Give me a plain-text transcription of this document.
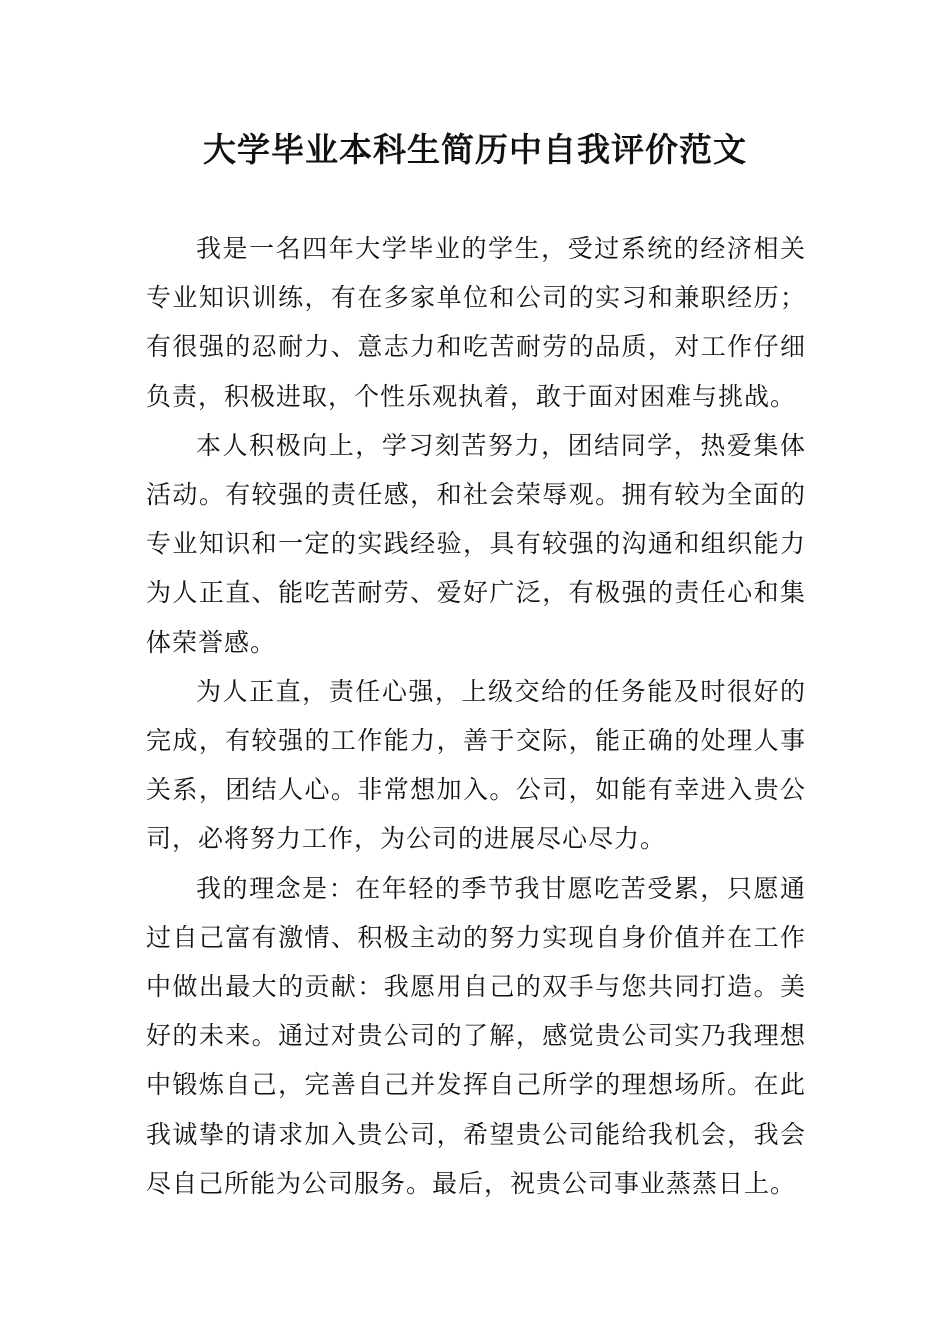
大学毕业本科生简历中自我评价范文

我是一名四年大学毕业的学生，受过系统的经济相关专业知识训练，有在多家单位和公司的实习和兼职经历；有很强的忍耐力、意志力和吃苦耐劳的品质，对工作仔细负责，积极进取，个性乐观执着，敢于面对困难与挑战。

本人积极向上，学习刻苦努力，团结同学，热爱集体活动。有较强的责任感，和社会荣辱观。拥有较为全面的专业知识和一定的实践经验，具有较强的沟通和组织能力为人正直、能吃苦耐劳、爱好广泛，有极强的责任心和集体荣誉感。

为人正直，责任心强，上级交给的任务能及时很好的完成，有较强的工作能力，善于交际，能正确的处理人事关系，团结人心。非常想加入。公司，如能有幸进入贵公司，必将努力工作，为公司的进展尽心尽力。

我的理念是：在年轻的季节我甘愿吃苦受累，只愿通过自己富有激情、积极主动的努力实现自身价值并在工作中做出最大的贡献：我愿用自己的双手与您共同打造。美好的未来。通过对贵公司的了解，感觉贵公司实乃我理想中锻炼自己，完善自己并发挥自己所学的理想场所。在此我诚挚的请求加入贵公司，希望贵公司能给我机会，我会尽自己所能为公司服务。最后，祝贵公司事业蒸蒸日上。
